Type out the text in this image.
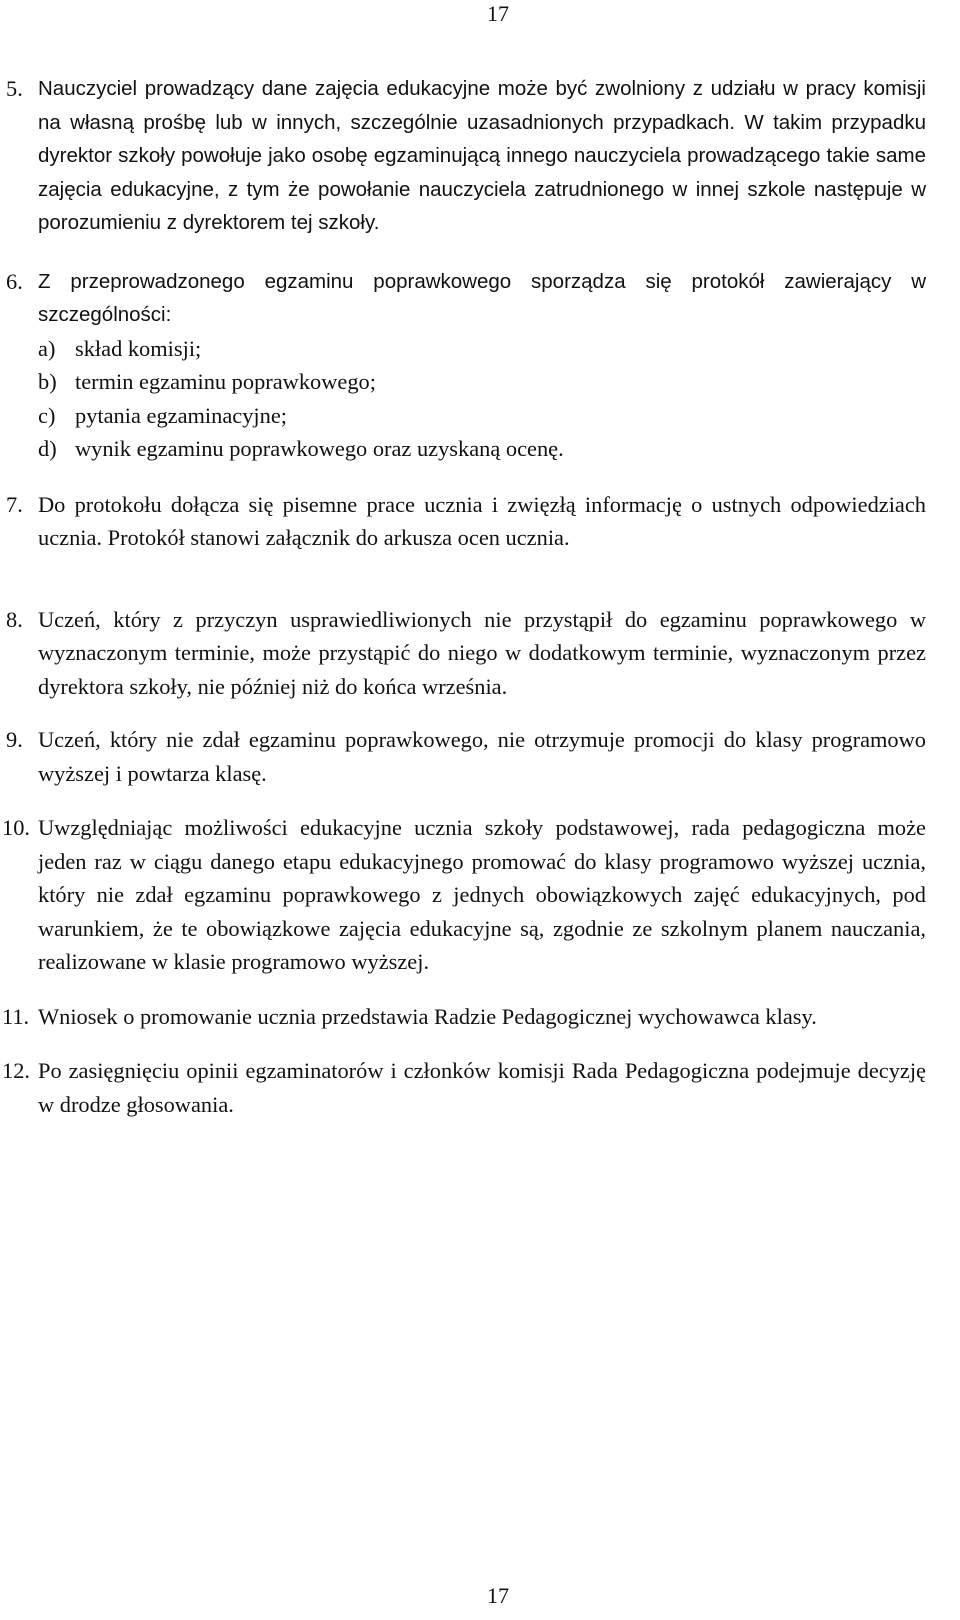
17
5. Nauczyciel prowadzący dane zajęcia edukacyjne może być zwolniony z udziału w pracy komisji na własną prośbę lub w innych, szczególnie uzasadnionych przypadkach. W takim przypadku dyrektor szkoły powołuje jako osobę egzaminującą innego nauczyciela prowadzącego takie same zajęcia edukacyjne, z tym że powołanie nauczyciela zatrudnionego w innej szkole następuje w porozumieniu z dyrektorem tej szkoły.

6. Z przeprowadzonego egzaminu poprawkowego sporządza się protokół zawierający w szczególności:

a) skład komisji;
b) termin egzaminu poprawkowego;
c) pytania egzaminacyjne;
d) wynik egzaminu poprawkowego oraz uzyskaną ocenę.
7. Do protokołu dołącza się pisemne prace ucznia i zwięzłą informację o ustnych odpowiedziach ucznia. Protokół stanowi załącznik do arkusza ocen ucznia.

8. Uczeń, który z przyczyn usprawiedliwionych nie przystąpił do egzaminu poprawkowego w wyznaczonym terminie, może przystąpić do niego w dodatkowym terminie, wyznaczonym przez dyrektora szkoły, nie później niż do końca września.

9. Uczeń, który nie zdał egzaminu poprawkowego, nie otrzymuje promocji do klasy programowo wyższej i powtarza klasę.

10. Uwzględniając możliwości edukacyjne ucznia szkoły podstawowej, rada pedagogiczna może jeden raz w ciągu danego etapu edukacyjnego promować do klasy programowo wyższej ucznia, który nie zdał egzaminu poprawkowego z jednych obowiązkowych zajęć edukacyjnych, pod warunkiem, że te obowiązkowe zajęcia edukacyjne są, zgodnie ze szkolnym planem nauczania, realizowane w klasie programowo wyższej.

11. Wniosek o promowanie ucznia przedstawia Radzie Pedagogicznej wychowawca klasy.

12. Po zasięgnięciu opinii egzaminatorów i członków komisji Rada Pedagogiczna podejmuje decyzję w drodze głosowania.

17
